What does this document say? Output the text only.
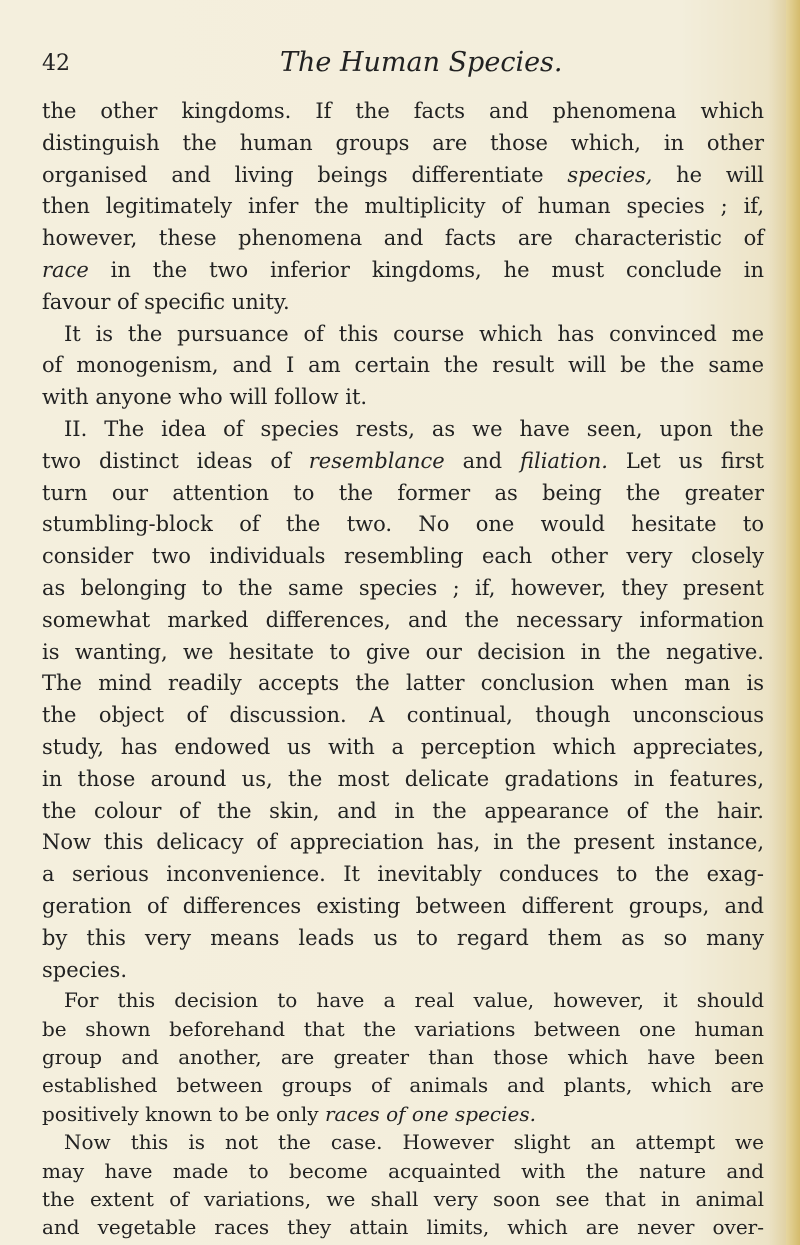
42	The Human Species.
the other kingdoms. If the facts and phenomena which
distinguish the human groups are those which, in other
organised and living beings differentiate species, he will
then legitimately infer the multiplicity of human species ; if,
however, these phenomena and facts are characteristic of
race in the two inferior kingdoms, he must conclude in
favour of specific unity.
It is the pursuance of this course which has convinced me
of monogenism, and I am certain the result will be the same
with anyone who will follow it.
II. The idea of species rests, as we have seen, upon the
two distinct ideas of resemblance and filiation. Let us first
turn our attention to the former as being the greater
stumbling-block of the two. No one would hesitate to
consider two individuals resembling each other very closely
as belonging to the same species ; if, however, they present
somewhat marked differences, and the necessary information
is wanting, we hesitate to give our decision in the negative.
The mind readily accepts the latter conclusion when man is
the object of discussion. A continual, though unconscious
study, has endowed us with a perception which appreciates,
in those around us, the most delicate gradations in features,
the colour of the skin, and in the appearance of the hair.
Now this delicacy of appreciation has, in the present instance,
a serious inconvenience. It inevitably conduces to the exag-
geration of differences existing between different groups, and
by this very means leads us to regard them as so many
species.
For this decision to have a real value, however, it should
be shown beforehand that the variations between one human
group and another, are greater than those which have been
established between groups of animals and plants, which are
positively known to be only races of one species.
Now this is not the case. However slight an attempt we
may have made to become acquainted with the nature and
the extent of variations, we shall very soon see that in animal
and vegetable races they attain limits, which are never over-
